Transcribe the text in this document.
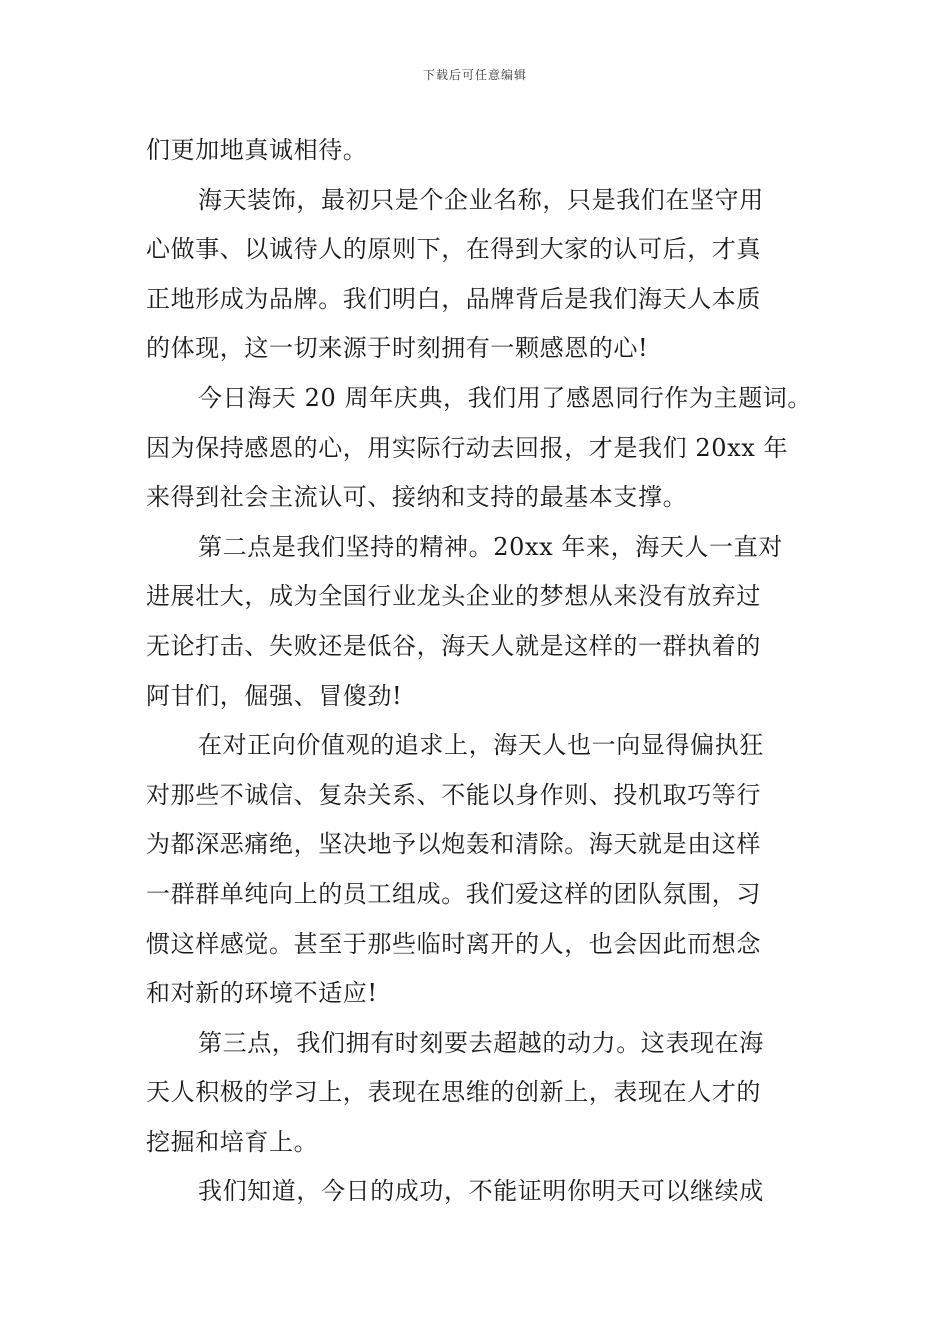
下载后可任意编辑
们更加地真诚相待。
海天装饰，最初只是个企业名称，只是我们在坚守用
心做事、以诚待人的原则下，在得到大家的认可后，才真
正地形成为品牌。我们明白，品牌背后是我们海天人本质
的体现，这一切来源于时刻拥有一颗感恩的心!
今日海天 20 周年庆典，我们用了感恩同行作为主题词。
因为保持感恩的心，用实际行动去回报，才是我们 20xx 年
来得到社会主流认可、接纳和支持的最基本支撑。
第二点是我们坚持的精神。20xx 年来，海天人一直对
进展壮大，成为全国行业龙头企业的梦想从来没有放弃过
无论打击、失败还是低谷，海天人就是这样的一群执着的
阿甘们，倔强、冒傻劲!
在对正向价值观的追求上，海天人也一向显得偏执狂
对那些不诚信、复杂关系、不能以身作则、投机取巧等行
为都深恶痛绝，坚决地予以炮轰和清除。海天就是由这样
一群群单纯向上的员工组成。我们爱这样的团队氛围，习
惯这样感觉。甚至于那些临时离开的人，也会因此而想念
和对新的环境不适应!
第三点，我们拥有时刻要去超越的动力。这表现在海
天人积极的学习上，表现在思维的创新上，表现在人才的
挖掘和培育上。
我们知道，今日的成功，不能证明你明天可以继续成
